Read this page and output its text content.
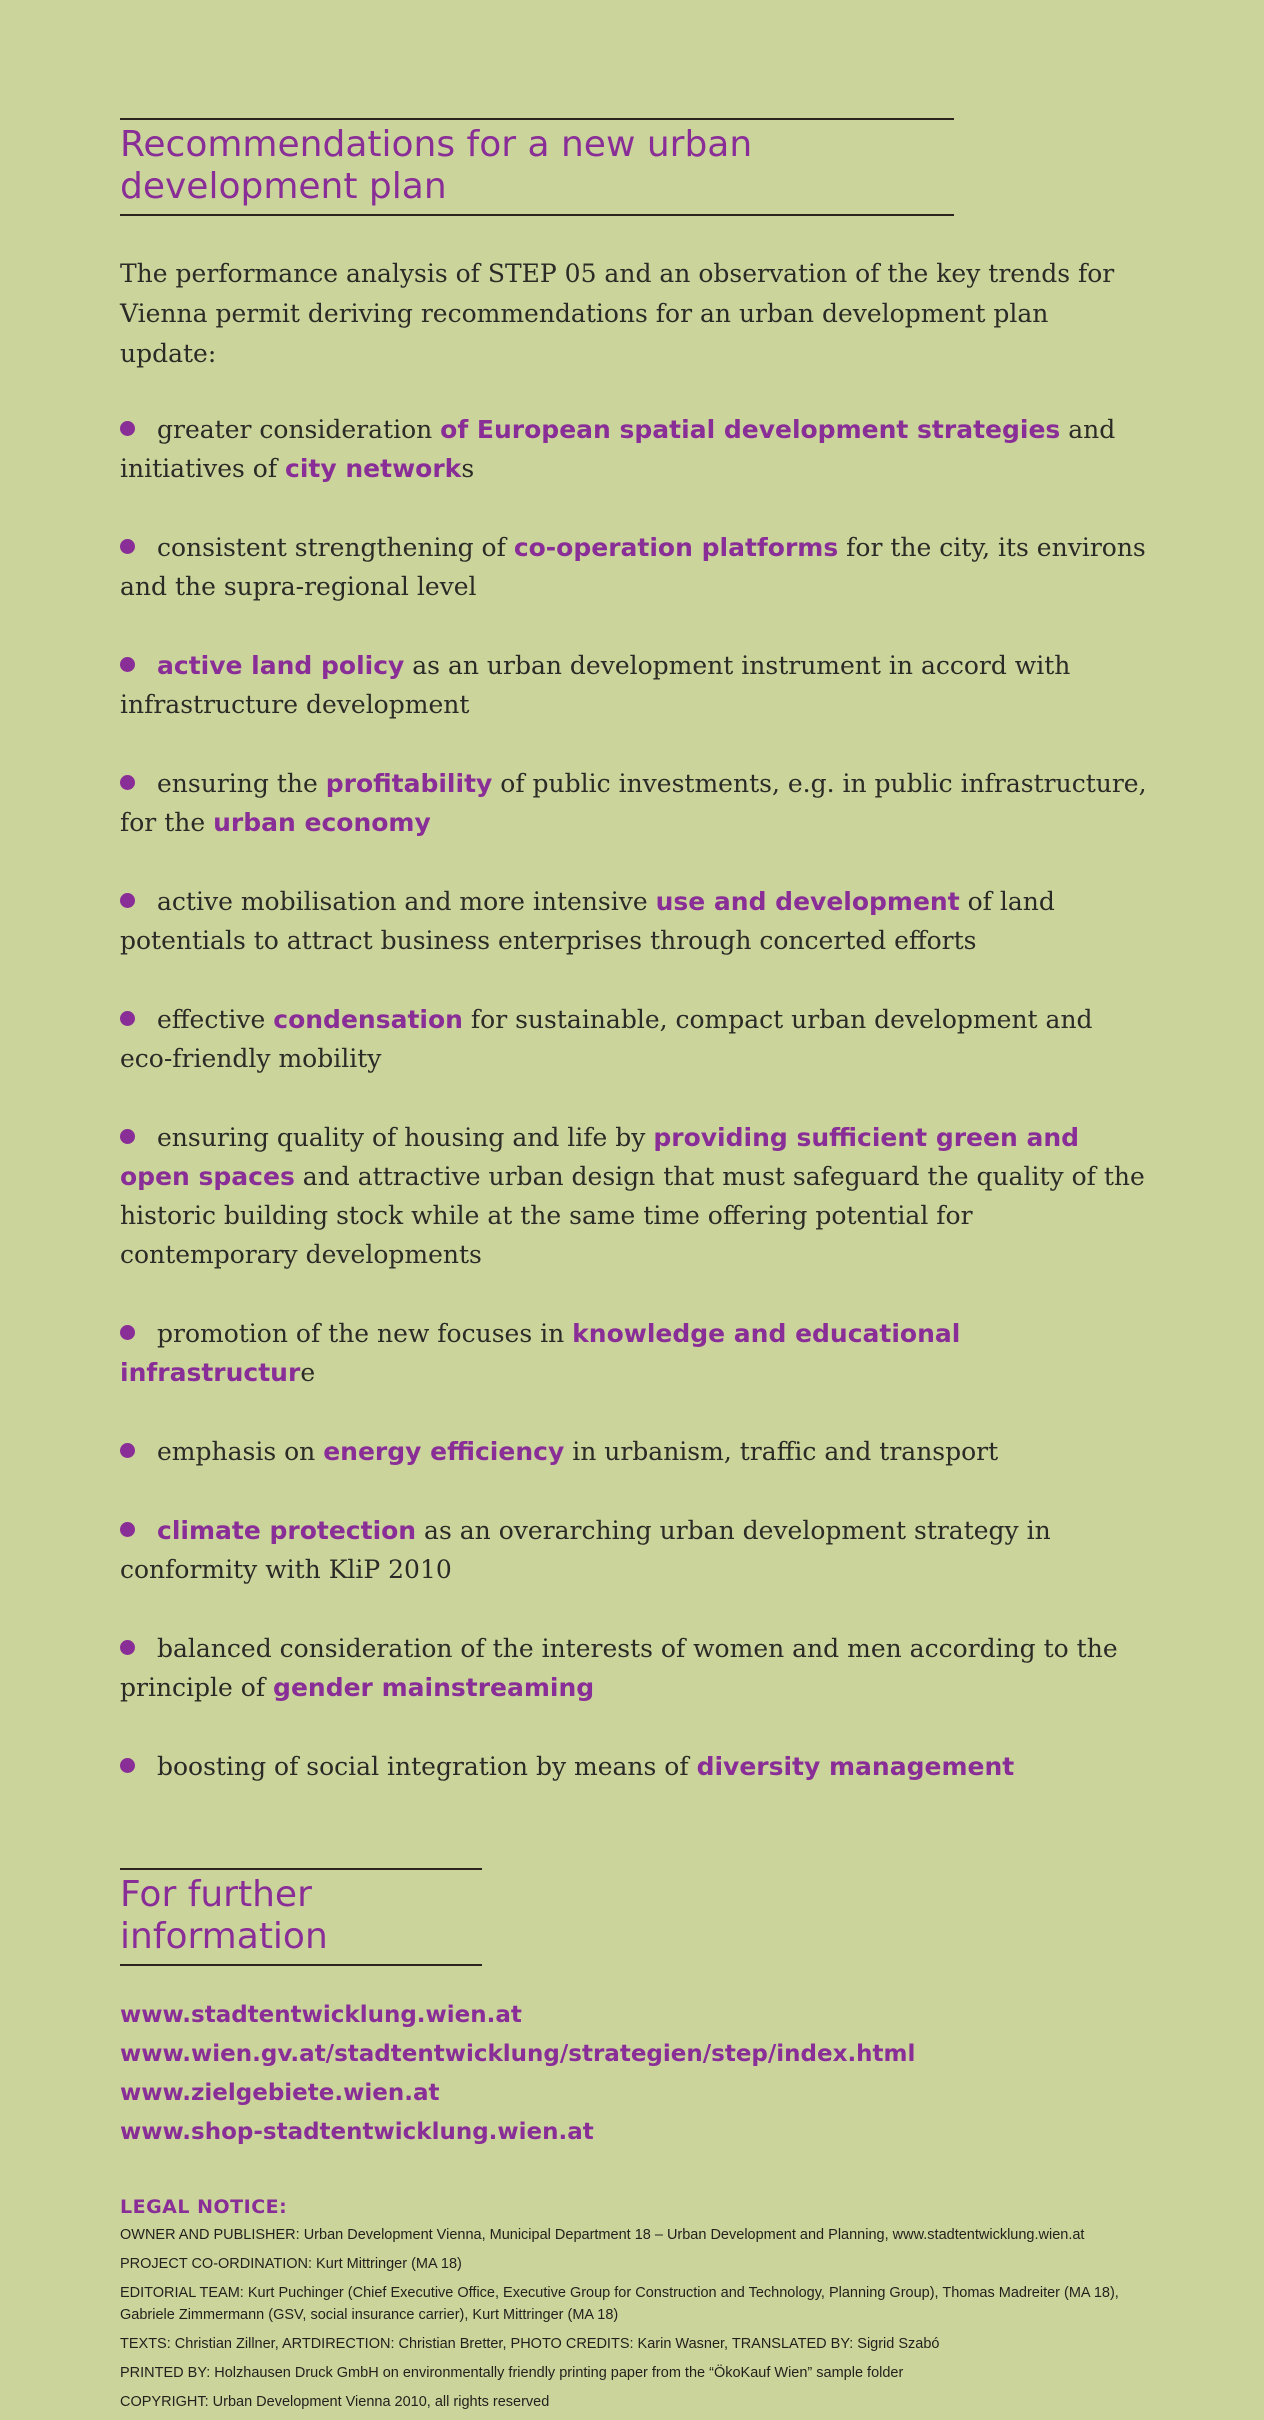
Recommendations for a new urban development plan

The performance analysis of STEP 05 and an observation of the key trends for Vienna permit deriving recommendations for an urban development plan update:

greater consideration of European spatial development strategies and initiatives of city networks
consistent strengthening of co-operation platforms for the city, its environs and the supra-regional level
active land policy as an urban development instrument in accord with infrastructure development
ensuring the profitability of public investments, e.g. in public infrastructure, for the urban economy
active mobilisation and more intensive use and development of land potentials to attract business enterprises through concerted efforts
effective condensation for sustainable, compact urban development and eco-friendly mobility
ensuring quality of housing and life by providing sufficient green and open spaces and attractive urban design that must safeguard the quality of the historic building stock while at the same time offering potential for contemporary developments
promotion of the new focuses in knowledge and educational infrastructure
emphasis on energy efficiency in urbanism, traffic and transport
climate protection as an overarching urban development strategy in conformity with KliP 2010
balanced consideration of the interests of women and men according to the principle of gender mainstreaming
boosting of social integration by means of diversity management
For further information
www.stadtentwicklung.wien.at
www.wien.gv.at/stadtentwicklung/strategien/step/index.html
www.zielgebiete.wien.at
www.shop-stadtentwicklung.wien.at
LEGAL NOTICE:
OWNER AND PUBLISHER: Urban Development Vienna, Municipal Department 18 – Urban Development and Planning, www.stadtentwicklung.wien.at
PROJECT CO-ORDINATION: Kurt Mittringer (MA 18)
EDITORIAL TEAM: Kurt Puchinger (Chief Executive Office, Executive Group for Construction and Technology, Planning Group), Thomas Madreiter (MA 18), Gabriele Zimmermann (GSV, social insurance carrier), Kurt Mittringer (MA 18)
TEXTS: Christian Zillner, ARTDIRECTION: Christian Bretter, PHOTO CREDITS: Karin Wasner, TRANSLATED BY: Sigrid Szabó
PRINTED BY: Holzhausen Druck GmbH on environmentally friendly printing paper from the “ÖkoKauf Wien” sample folder
COPYRIGHT: Urban Development Vienna 2010, all rights reserved
